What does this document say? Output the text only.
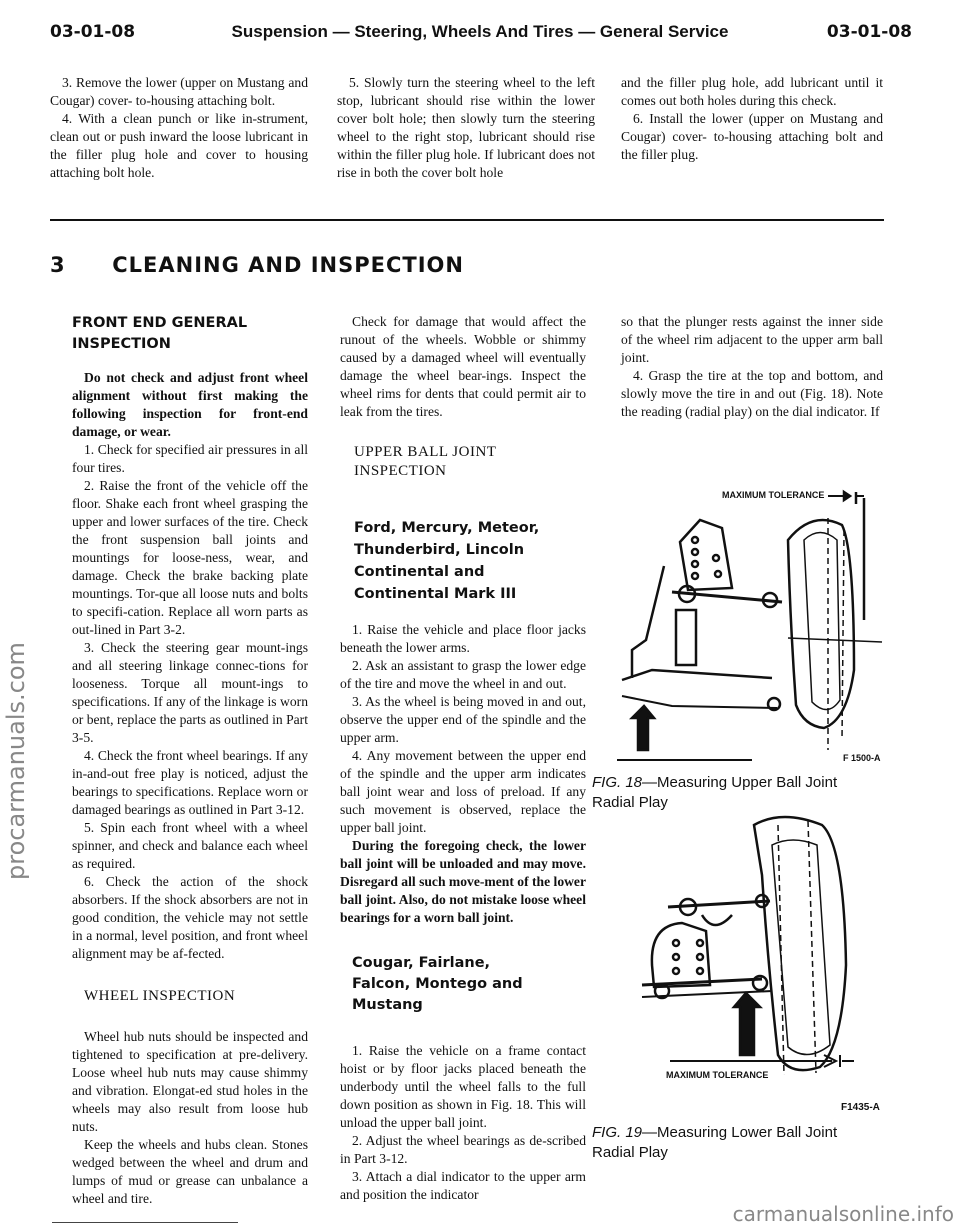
03-01-08	Suspension — Steering, Wheels And Tires — General Service	03-01-08

3. Remove the lower (upper on Mustang and Cougar) cover- to-housing attaching bolt.

4. With a clean punch or like in-strument, clean out or push inward the loose lubricant in the filler plug hole and cover to housing attaching bolt hole.

5. Slowly turn the steering wheel to the left stop, lubricant should rise within the lower cover bolt hole; then slowly turn the steering wheel to the right stop, lubricant should rise within the filler plug hole. If lubricant does not rise in both the cover bolt hole

and the filler plug hole, add lubricant until it comes out both holes during this check.

6. Install the lower (upper on Mustang and Cougar) cover- to-housing attaching bolt and the filler plug.

3 CLEANING AND INSPECTION
FRONT END GENERAL INSPECTION

Do not check and adjust front wheel alignment without first making the following inspection for front-end damage, or wear.

1. Check for specified air pressures in all four tires.

2. Raise the front of the vehicle off the floor. Shake each front wheel grasping the upper and lower surfaces of the tire. Check the front suspension ball joints and mountings for loose-ness, wear, and damage. Check the brake backing plate mountings. Tor-que all loose nuts and bolts to specifi-cation. Replace all worn parts as out-lined in Part 3-2.

3. Check the steering gear mount-ings and all steering linkage connec-tions for looseness. Torque all mount-ings to specifications. If any of the linkage is worn or bent, replace the parts as outlined in Part 3-5.

4. Check the front wheel bearings. If any in-and-out free play is noticed, adjust the bearings to specifications. Replace worn or damaged bearings as outlined in Part 3-12.

5. Spin each front wheel with a wheel spinner, and check and balance each wheel as required.

6. Check the action of the shock absorbers. If the shock absorbers are not in good condition, the vehicle may not settle in a normal, level position, and front wheel alignment may be af-fected.

WHEEL INSPECTION

Wheel hub nuts should be inspected and tightened to specification at pre-delivery. Loose wheel hub nuts may cause shimmy and vibration. Elongat-ed stud holes in the wheels may also result from loose hub nuts.

Keep the wheels and hubs clean. Stones wedged between the wheel and drum and lumps of mud or grease can unbalance a wheel and tire.

Check for damage that would affect the runout of the wheels. Wobble or shimmy caused by a damaged wheel will eventually damage the wheel bear-ings. Inspect the wheel rims for dents that could permit air to leak from the tires.

UPPER BALL JOINT INSPECTION
Ford, Mercury, Meteor, Thunderbird, Lincoln Continental and Continental Mark III

1. Raise the vehicle and place floor jacks beneath the lower arms.

2. Ask an assistant to grasp the lower edge of the tire and move the wheel in and out.

3. As the wheel is being moved in and out, observe the upper end of the spindle and the upper arm.

4. Any movement between the upper end of the spindle and the upper arm indicates ball joint wear and loss of preload. If any such movement is observed, replace the upper ball joint.

During the foregoing check, the lower ball joint will be unloaded and may move. Disregard all such move-ment of the lower ball joint. Also, do not mistake loose wheel bearings for a worn ball joint.

Cougar, Fairlane, Falcon, Montego and Mustang

1. Raise the vehicle on a frame contact hoist or by floor jacks placed beneath the underbody until the wheel falls to the full down position as shown in Fig. 18. This will unload the upper ball joint.

2. Adjust the wheel bearings as de-scribed in Part 3-12.

3. Attach a dial indicator to the upper arm and position the indicator

so that the plunger rests against the inner side of the wheel rim adjacent to the upper arm ball joint.

4. Grasp the tire at the top and bottom, and slowly move the tire in and out (Fig. 18). Note the reading (radial play) on the dial indicator. If

MAXIMUM TOLERANCE
F 1500-A
FIG. 18—Measuring Upper Ball Joint Radial Play
MAXIMUM TOLERANCE
F1435-A
FIG. 19—Measuring Lower Ball Joint Radial Play
procarmanuals.com
carmanualsonline.info
